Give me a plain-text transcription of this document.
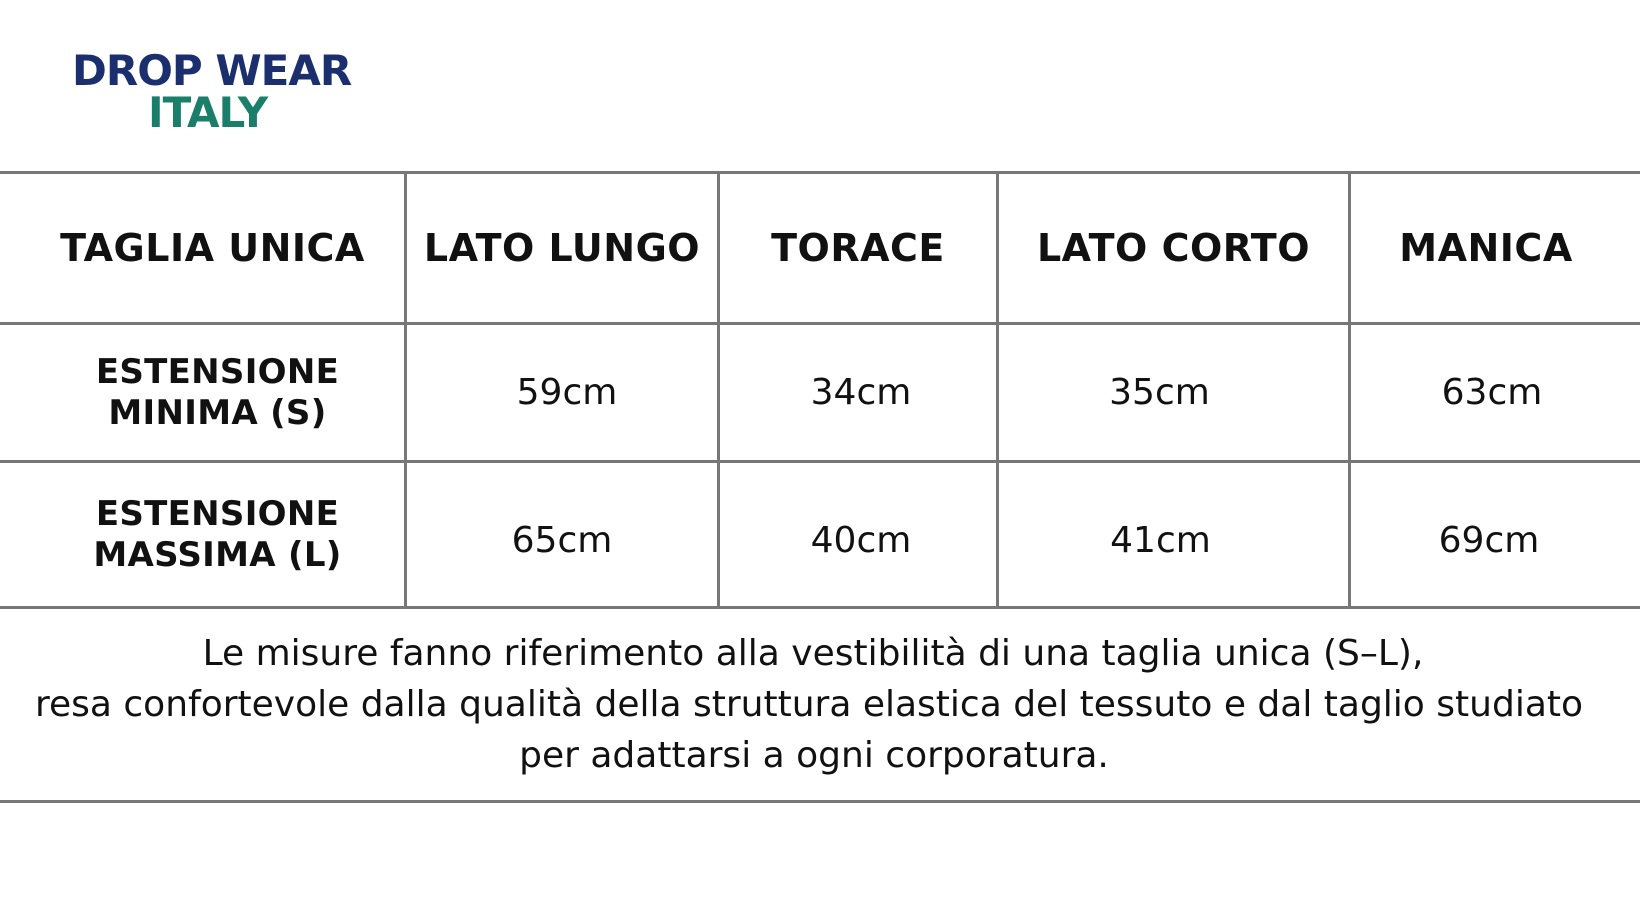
DROP WEAR
ITALY
TAGLIA UNICA	LATO LUNGO	TORACE	LATO CORTO	MANICA
ESTENSIONE
MINIMA (S)	59cm	34cm	35cm	63cm
ESTENSIONE
MASSIMA (L)	65cm	40cm	41cm	69cm
Le misure fanno riferimento alla vestibilità di una taglia unica (S–L),
resa confortevole dalla qualità della struttura elastica del tessuto e dal taglio studiato
per adattarsi a ogni corporatura.
